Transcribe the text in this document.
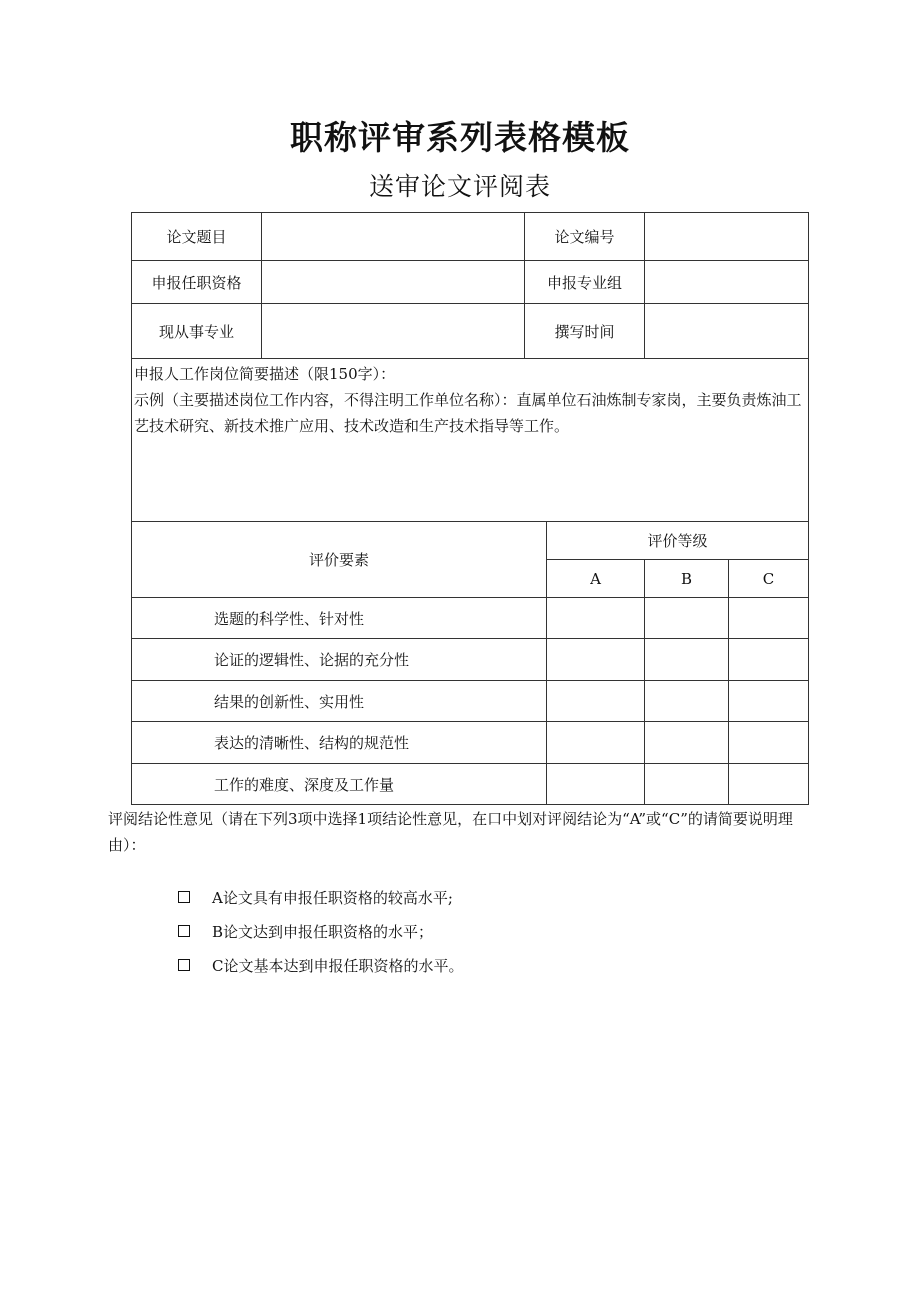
职称评审系列表格模板
送审论文评阅表
论文题目		论文编号			
申报任职资格		申报专业组			
现从事专业		撰写时间			

申报人工作岗位简要描述（限150字）：
示例（主要描述岗位工作内容，不得注明工作单位名称）：直属单位石油炼制专家岗，主要负责炼油工艺技术研究、新技术推广应用、技术改造和生产技术指导等工作。					

评价要素			评价等级		
			A	B	C
选题的科学性、针对性					
论证的逻辑性、论据的充分性					
结果的创新性、实用性					
表达的清晰性、结构的规范性					
工作的难度、深度及工作量					
评阅结论性意见（请在下列3项中选择1项结论性意见，在口中划对评阅结论为“A”或“C”的请简要说明理由）：
A论文具有申报任职资格的较高水平;
B论文达到申报任职资格的水平；
C论文基本达到申报任职资格的水平。
